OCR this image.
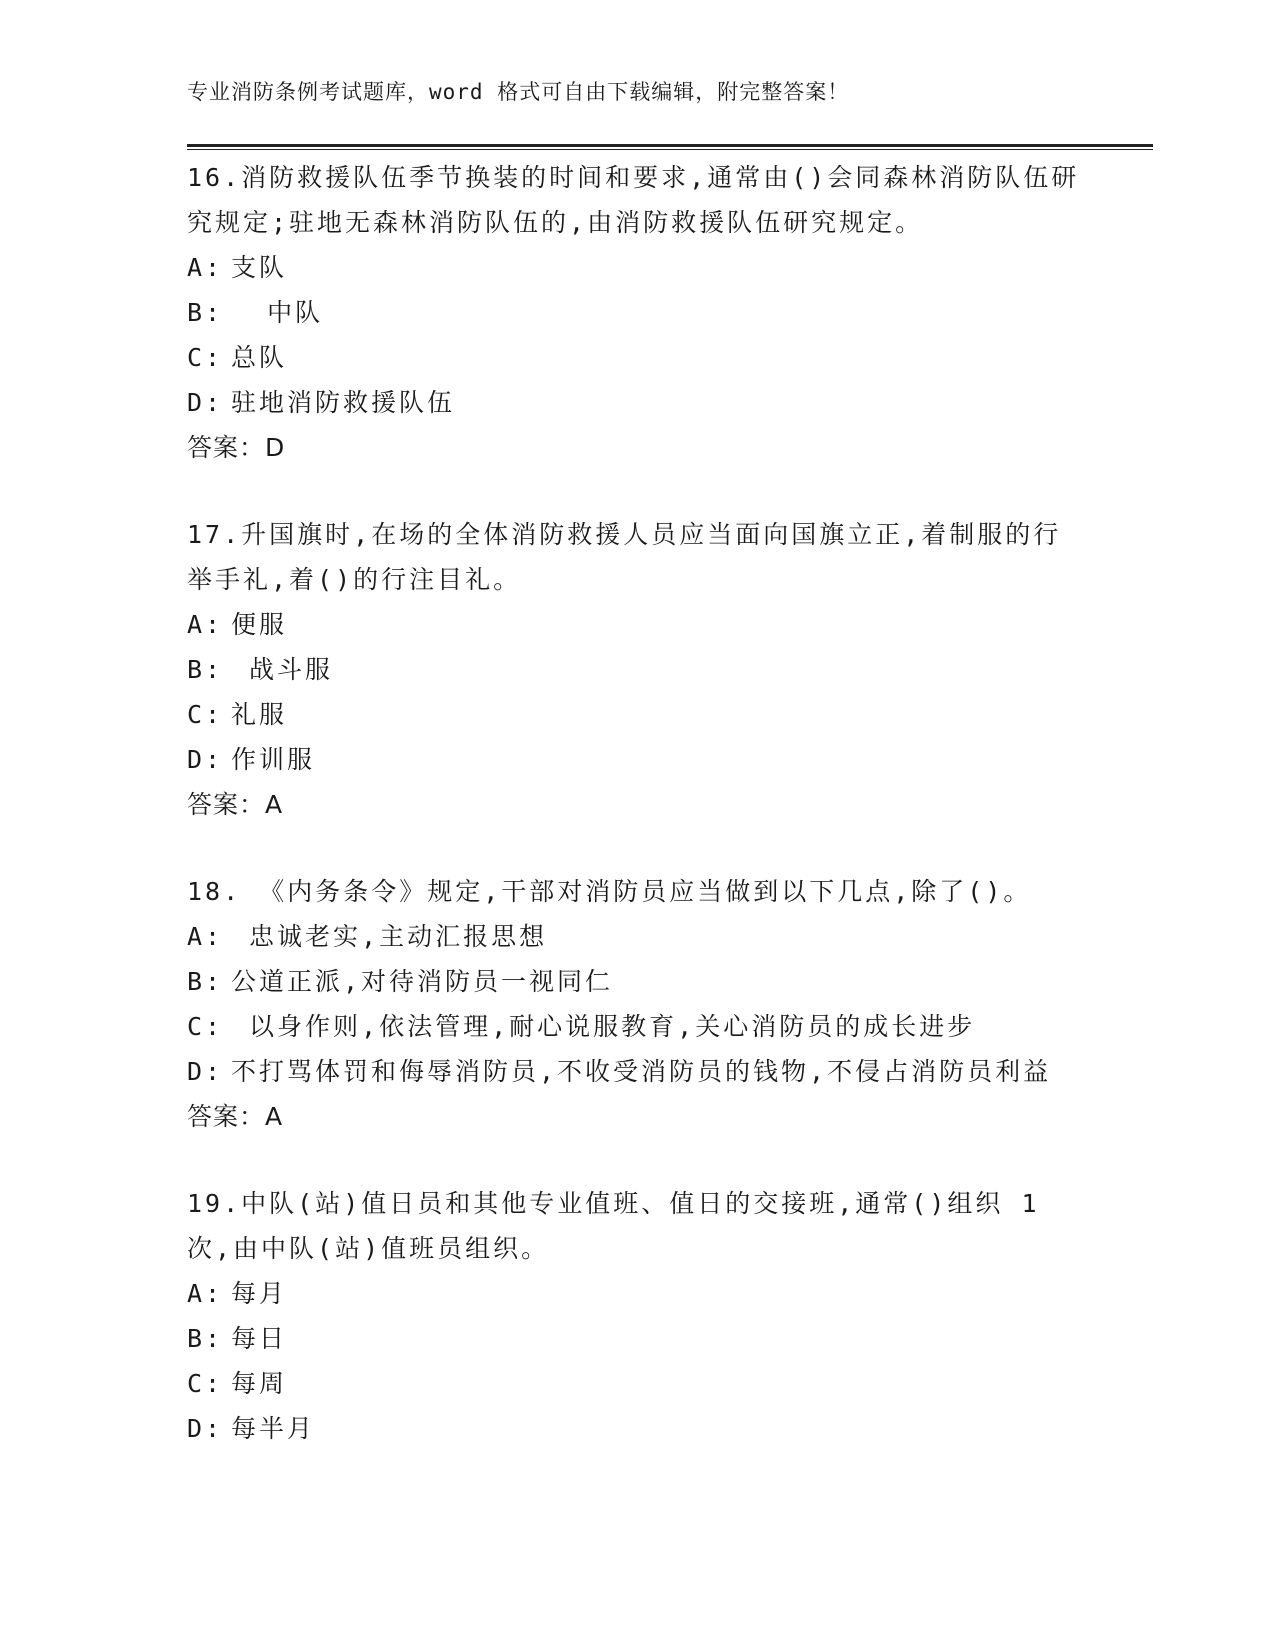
专业消防条例考试题库，word 格式可自由下载编辑，附完整答案！

16.消防救援队伍季节换装的时间和要求,通常由()会同森林消防队伍研究规定;驻地无森林消防队伍的,由消防救援队伍研究规定。

A: 支队
B: 中队
C: 总队
D: 驻地消防救援队伍

答案：D

17.升国旗时,在场的全体消防救援人员应当面向国旗立正,着制服的行举手礼,着()的行注目礼。

A: 便服
B: 战斗服
C: 礼服
D: 作训服

答案：A

18. 《内务条令》规定,干部对消防员应当做到以下几点,除了()。

A: 忠诚老实,主动汇报思想
B: 公道正派,对待消防员一视同仁
C: 以身作则,依法管理,耐心说服教育,关心消防员的成长进步
D: 不打骂体罚和侮辱消防员,不收受消防员的钱物,不侵占消防员利益

答案：A

19.中队(站)值日员和其他专业值班、值日的交接班,通常()组织 1 次,由中队(站)值班员组织。

A: 每月
B: 每日
C: 每周
D: 每半月
